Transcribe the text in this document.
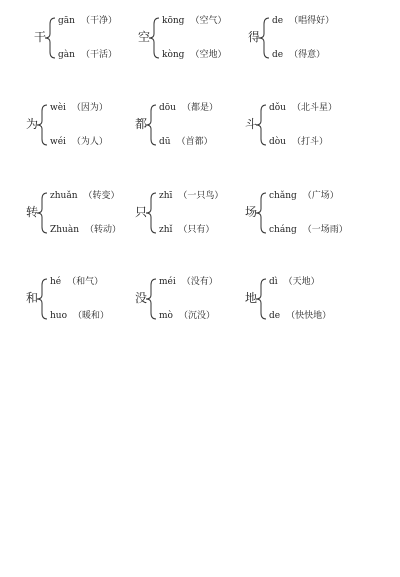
干
gān （干净）
gàn （干活）
空
kōng （空气）
kòng （空地）
得
de （唱得好）
de （得意）
为
wèi （因为）
wéi （为人）
都
dōu （都是）
dū （首都）
斗
dǒu （北斗星）
dòu （打斗）
转
zhuǎn （转变）
Zhuàn （转动）
只
zhī （一只鸟）
zhǐ （只有）
场
chǎng （广场）
cháng （一场雨）
和
hé （和气）
huo （暖和）
没
méi （没有）
mò （沉没）
地
dì （天地）
de （快快地）
